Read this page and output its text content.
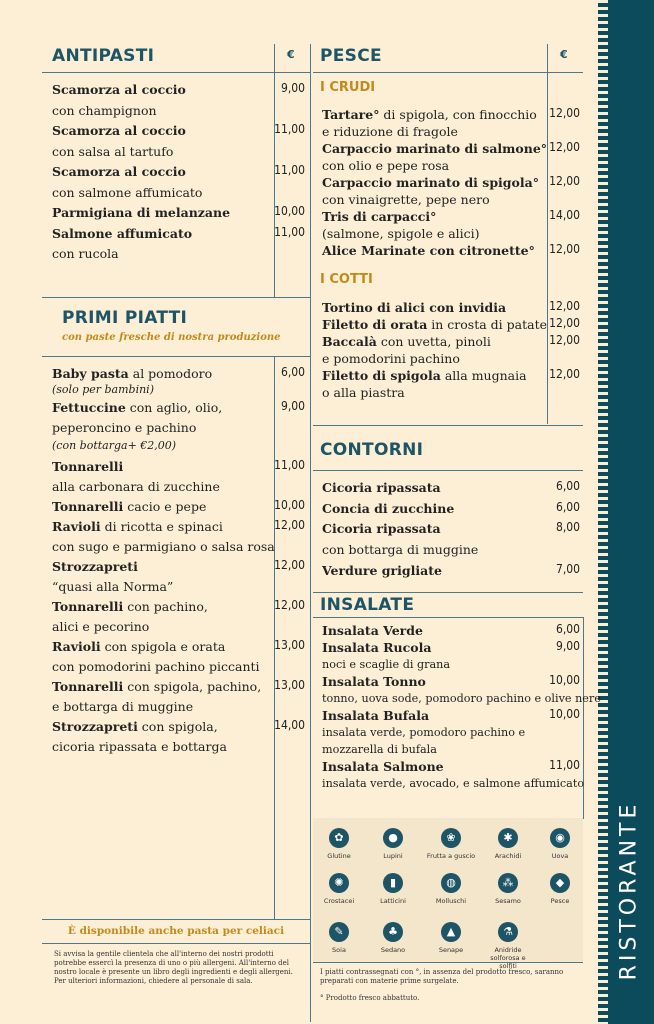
RISTORANTE
ANTIPASTI	€	PESCE	€
PRIMI PIATTI
con paste fresche di nostra produzione
I CRUDI
I COTTI
CONTORNI
INSALATE
Scamorza al coccio	9,00
con champignon
Scamorza al coccio	11,00
con salsa al tartufo
Scamorza al coccio	11,00
con salmone affumicato
Parmigiana di melanzane	10,00
Salmone affumicato	11,00
con rucola
Baby pasta al pomodoro	6,00
(solo per bambini)
Fettuccine con aglio, olio,	9,00
peperoncino e pachino
(con bottarga+ €2,00)
Tonnarelli	11,00
alla carbonara di zucchine
Tonnarelli cacio e pepe	10,00
Ravioli di ricotta e spinaci	12,00
con sugo e parmigiano o salsa rosa
Strozzapreti	12,00
“quasi alla Norma”
Tonnarelli con pachino,	12,00
alici e pecorino
Ravioli con spigola e orata	13,00
con pomodorini pachino piccanti
Tonnarelli con spigola, pachino,	13,00
e bottarga di muggine
Strozzapreti con spigola,	14,00
cicoria ripassata e bottarga
Tartare° di spigola, con finocchio	12,00
e riduzione di fragole
Carpaccio marinato di salmone° 12,00
con olio e pepe rosa
Carpaccio marinato di spigola° 12,00
con vinaigrette, pepe nero
Tris di carpacci°	14,00
(salmone, spigole e alici)
Alice Marinate con citronette°	12,00
Tortino di alici con invidia	12,00
Filetto di orata in crosta di patate 12,00
Baccalà con uvetta, pinoli	12,00
e pomodorini pachino
Filetto di spigola alla mugnaia	12,00
o alla piastra
Cicoria ripassata	6,00
Concia di zucchine	6,00
Cicoria ripassata	8,00
con bottarga di muggine
Verdure grigliate	7,00
Insalata Verde	6,00
Insalata Rucola	9,00
noci e scaglie di grana
Insalata Tonno	10,00
tonno, uova sode, pomodoro pachino e olive nere
Insalata Bufala	10,00
insalata verde, pomodoro pachino e
mozzarella di bufala
Insalata Salmone	11,00
insalata verde, avocado, e salmone affumicato
✿
Glutine
●
Lupini
❀
Frutta a guscio
✱
Arachidi
◉
Uova
✺
Crostacei
▮
Latticini
◍
Molluschi
⁂
Sesamo
◆
Pesce
✎
Soia
♣
Sedano
▲
Senape
⚗
Anidride solforosa e solfiti
È disponibile anche pasta per celiaci
Si avvisa la gentile clientela che all'interno dei nostri prodotti potrebbe essercì la presenza di uno o più allergeni. All'interno del nostro locale è presente un libro degli ingredienti e degli allergeni. Per ulteriori informazioni, chiedere al personale di sala.
I piatti contrassegnati con °, in assenza del prodotto fresco, saranno preparati con materie prime surgelate.
° Prodotto fresco abbattuto.
